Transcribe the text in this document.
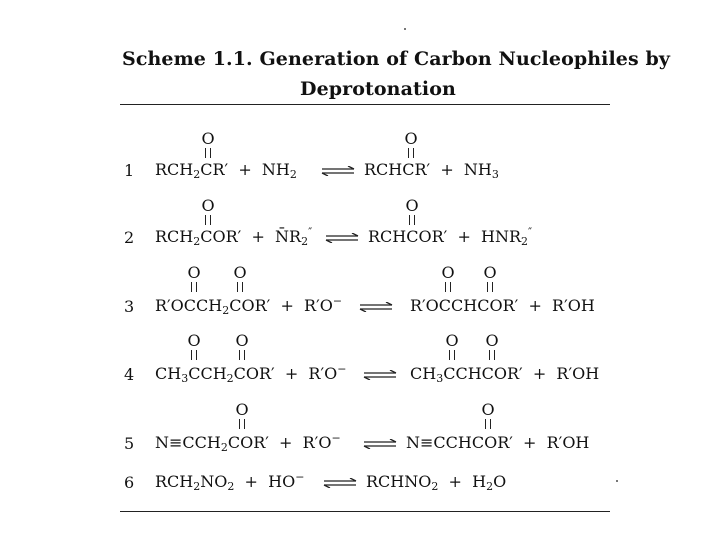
Scheme 1.1. Generation of Carbon Nucleophiles by
Deprotonation
1
O
$RCH_2CR' + NH_2$ ⇌
O
RCHCR′  +  $NH_3$
2
O
$RCH_2COR'$  +  $N̄R_2''$ ⇌
O
RCHCOR′  +  $HNR_2''$
3
O O
$R'OCCH_2COR' + R'O^-$ ⇌
O O
R′OCCHCOR′  +  R′OH
4
O O
$CH_3CCH_2COR' + R'O^-$ ⇌
O O
$CH_3CCHCOR' + R'OH$
5
O
$N\equiv CCH_2COR' + R'O^-$ ⇌
O
N≡CCHCOR′  +  R′OH
6 $RCH_2NO_2 + HO^-$ ⇌ $RCHNO_2 + H_2O$
